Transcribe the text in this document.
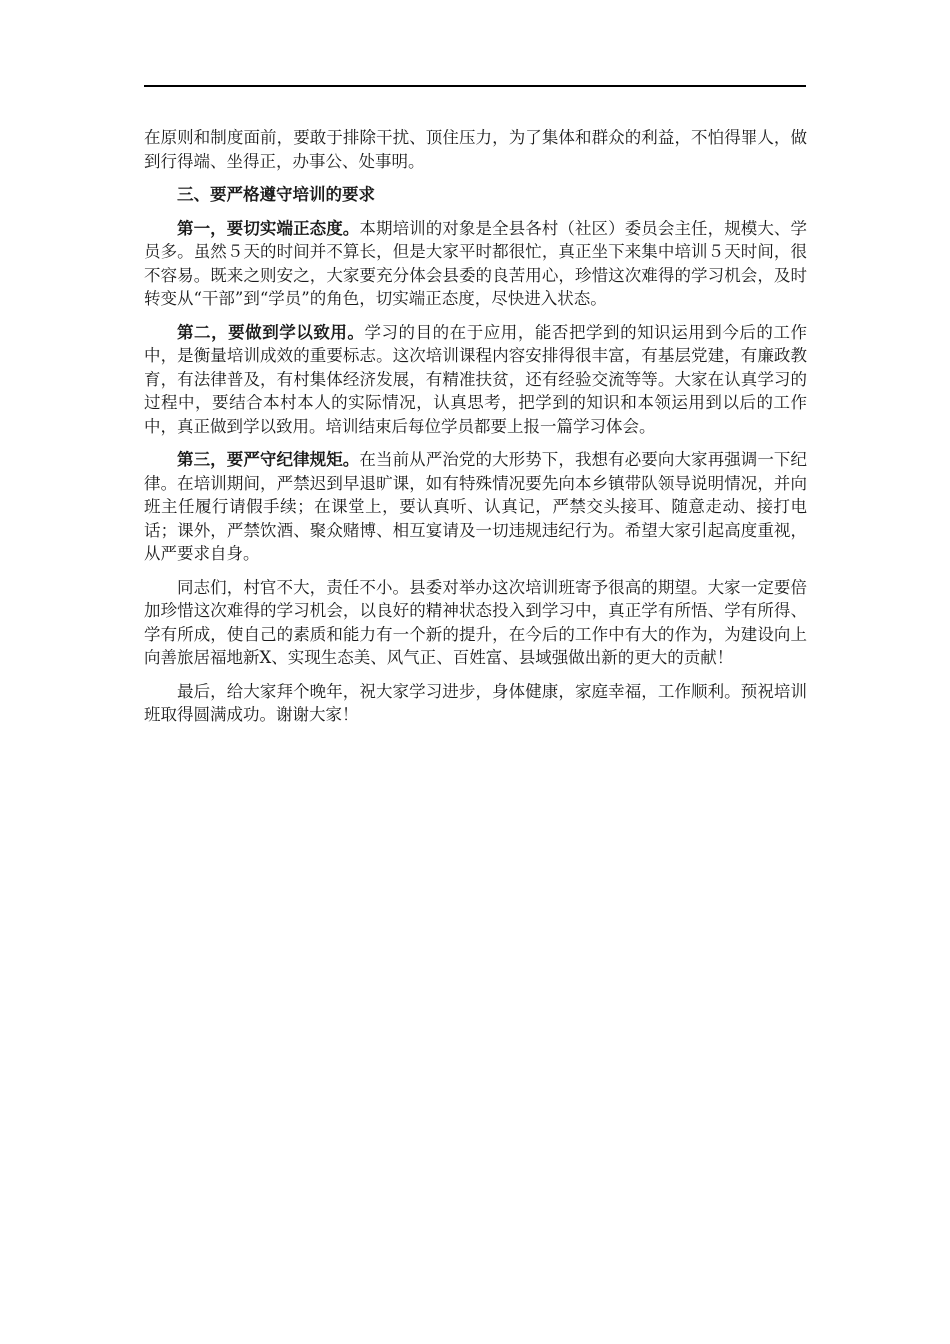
在原则和制度面前，要敢于排除干扰、顶住压力，为了集体和群众的利益，不怕得罪人，做到行得端、坐得正，办事公、处事明。

三、要严格遵守培训的要求

第一，要切实端正态度。本期培训的对象是全县各村（社区）委员会主任，规模大、学员多。虽然５天的时间并不算长，但是大家平时都很忙，真正坐下来集中培训５天时间，很不容易。既来之则安之，大家要充分体会县委的良苦用心，珍惜这次难得的学习机会，及时转变从“干部”到“学员”的角色，切实端正态度，尽快进入状态。

第二，要做到学以致用。学习的目的在于应用，能否把学到的知识运用到今后的工作中，是衡量培训成效的重要标志。这次培训课程内容安排得很丰富，有基层党建，有廉政教育，有法律普及，有村集体经济发展，有精准扶贫，还有经验交流等等。大家在认真学习的过程中，要结合本村本人的实际情况，认真思考，把学到的知识和本领运用到以后的工作中，真正做到学以致用。培训结束后每位学员都要上报一篇学习体会。

第三，要严守纪律规矩。在当前从严治党的大形势下，我想有必要向大家再强调一下纪律。在培训期间，严禁迟到早退旷课，如有特殊情况要先向本乡镇带队领导说明情况，并向班主任履行请假手续；在课堂上，要认真听、认真记，严禁交头接耳、随意走动、接打电话；课外，严禁饮酒、聚众赌博、相互宴请及一切违规违纪行为。希望大家引起高度重视，从严要求自身。

同志们，村官不大，责任不小。县委对举办这次培训班寄予很高的期望。大家一定要倍加珍惜这次难得的学习机会，以良好的精神状态投入到学习中，真正学有所悟、学有所得、学有所成，使自己的素质和能力有一个新的提升，在今后的工作中有大的作为，为建设向上向善旅居福地新X、实现生态美、风气正、百姓富、县域强做出新的更大的贡献！

最后，给大家拜个晚年，祝大家学习进步，身体健康，家庭幸福，工作顺利。预祝培训班取得圆满成功。谢谢大家！
